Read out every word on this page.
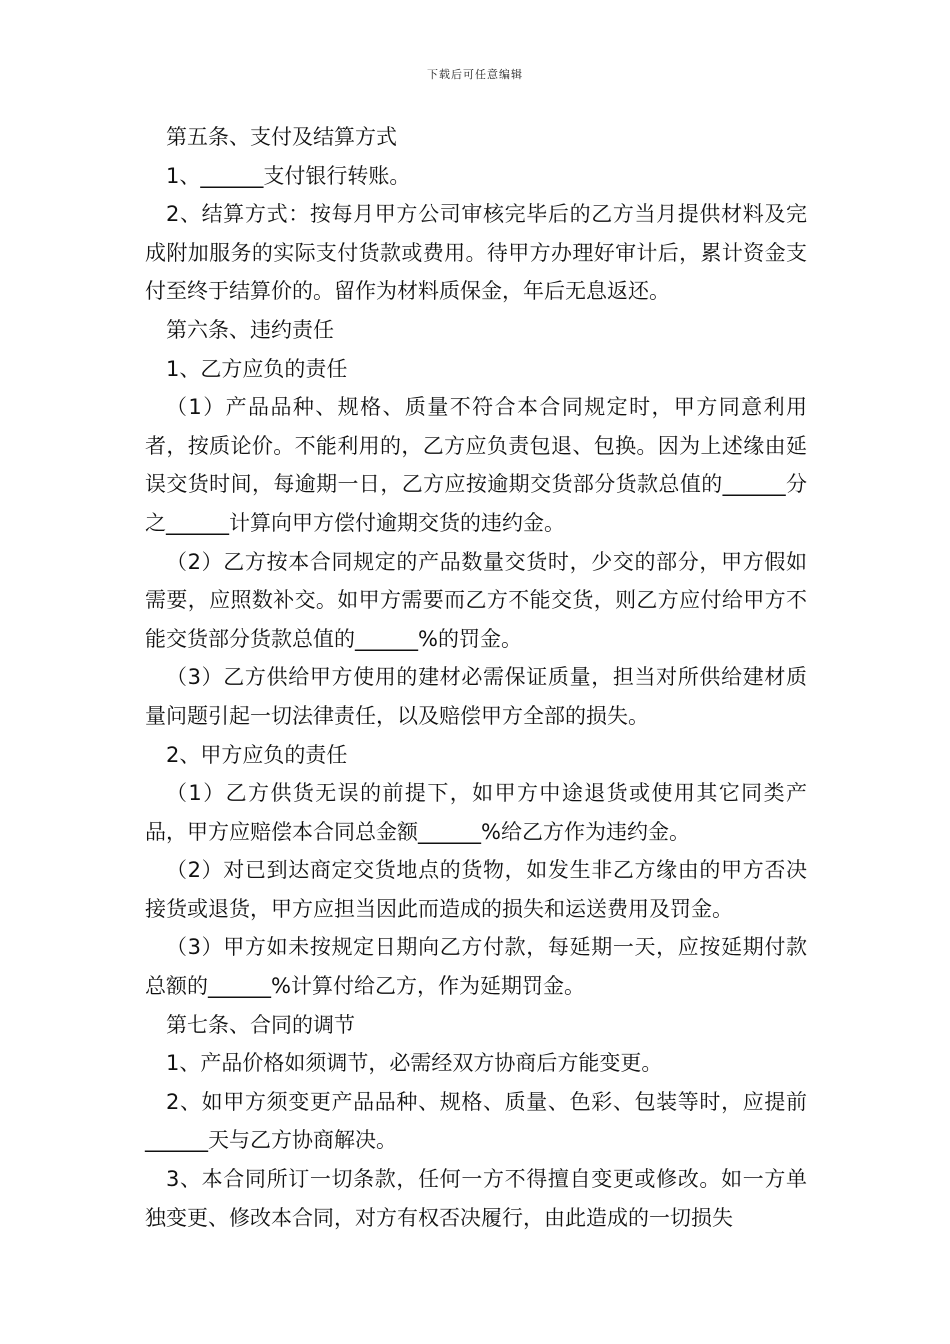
下载后可任意编辑

第五条、支付及结算方式

1、______支付银行转账。

2、结算方式：按每月甲方公司审核完毕后的乙方当月提供材料及完成附加服务的实际支付货款或费用。待甲方办理好审计后，累计资金支付至终于结算价的。留作为材料质保金，年后无息返还。

第六条、违约责任

1、乙方应负的责任

（1）产品品种、规格、质量不符合本合同规定时，甲方同意利用者，按质论价。不能利用的，乙方应负责包退、包换。因为上述缘由延误交货时间，每逾期一日，乙方应按逾期交货部分货款总值的______分之______计算向甲方偿付逾期交货的违约金。

（2）乙方按本合同规定的产品数量交货时，少交的部分，甲方假如需要，应照数补交。如甲方需要而乙方不能交货，则乙方应付给甲方不能交货部分货款总值的______%的罚金。

（3）乙方供给甲方使用的建材必需保证质量，担当对所供给建材质量问题引起一切法律责任，以及赔偿甲方全部的损失。

2、甲方应负的责任

（1）乙方供货无误的前提下，如甲方中途退货或使用其它同类产品，甲方应赔偿本合同总金额______%给乙方作为违约金。

（2）对已到达商定交货地点的货物，如发生非乙方缘由的甲方否决接货或退货，甲方应担当因此而造成的损失和运送费用及罚金。

（3）甲方如未按规定日期向乙方付款，每延期一天，应按延期付款总额的______%计算付给乙方，作为延期罚金。

第七条、合同的调节

1、产品价格如须调节，必需经双方协商后方能变更。

2、如甲方须变更产品品种、规格、质量、色彩、包装等时，应提前______天与乙方协商解决。

3、本合同所订一切条款，任何一方不得擅自变更或修改。如一方单独变更、修改本合同，对方有权否决履行，由此造成的一切损失
